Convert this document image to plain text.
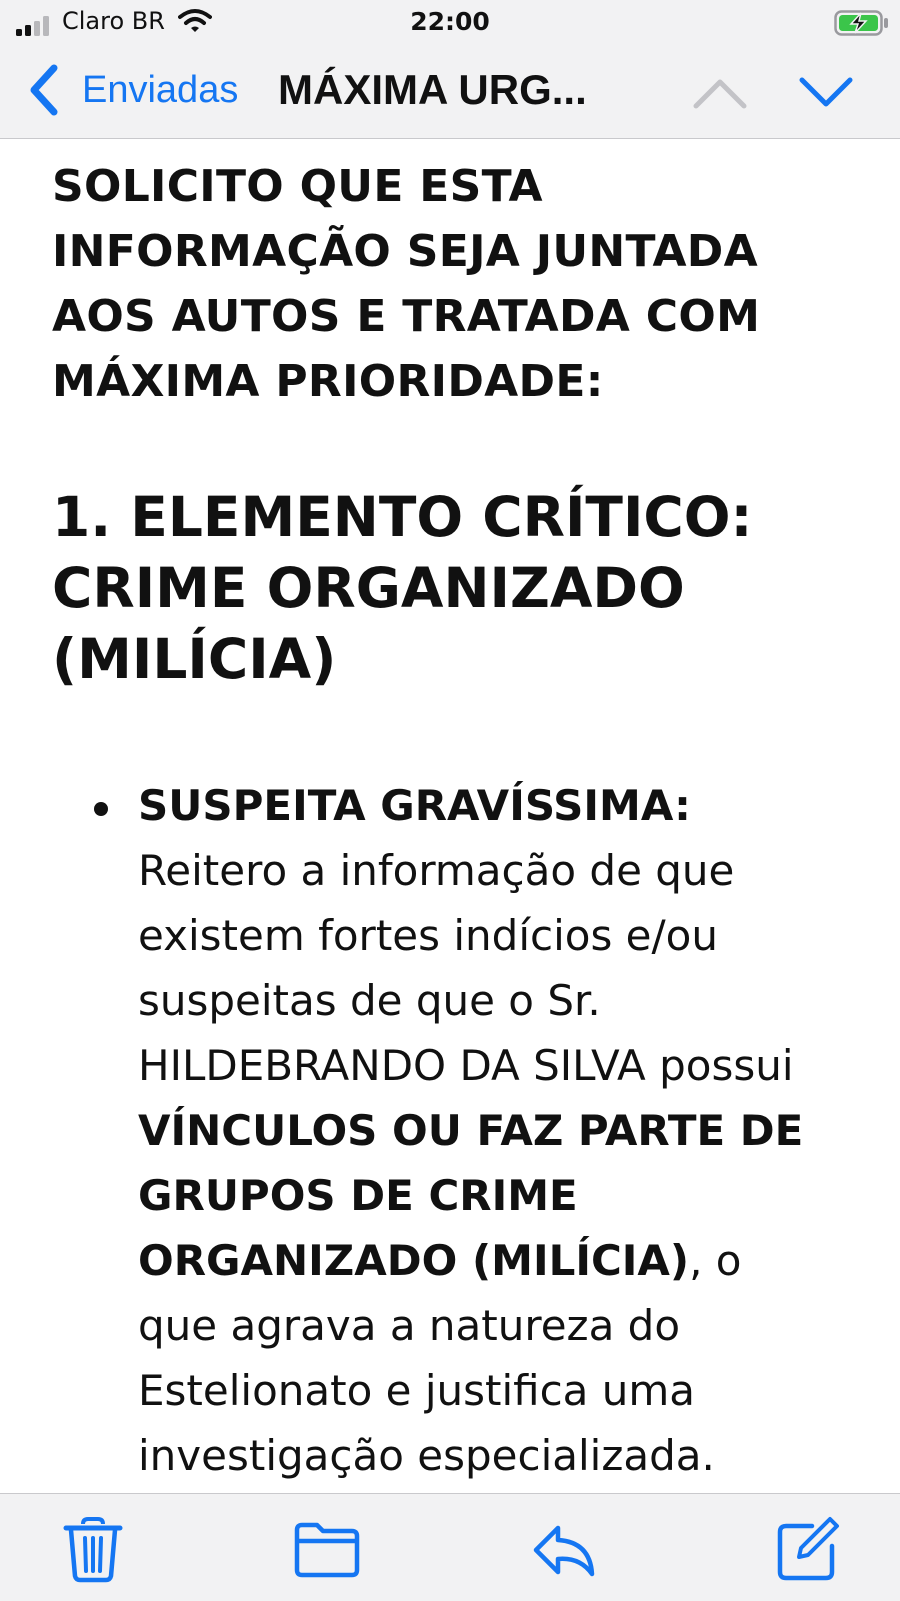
Claro BR	22:00
Enviadas MÁXIMA URG...

SOLICITO QUE ESTA INFORMAÇÃO SEJA JUNTADA AOS AUTOS E TRATADA COM MÁXIMA PRIORIDADE:

1. ELEMENTO CRÍTICO: CRIME ORGANIZADO (MILÍCIA)
SUSPEITA GRAVÍSSIMA: Reitero a informação de que existem fortes indícios e/ou suspeitas de que o Sr. HILDEBRANDO DA SILVA possui VÍNCULOS OU FAZ PARTE DE GRUPOS DE CRIME ORGANIZADO (MILÍCIA), o que agrava a natureza do Estelionato e justifica uma investigação especializada.
